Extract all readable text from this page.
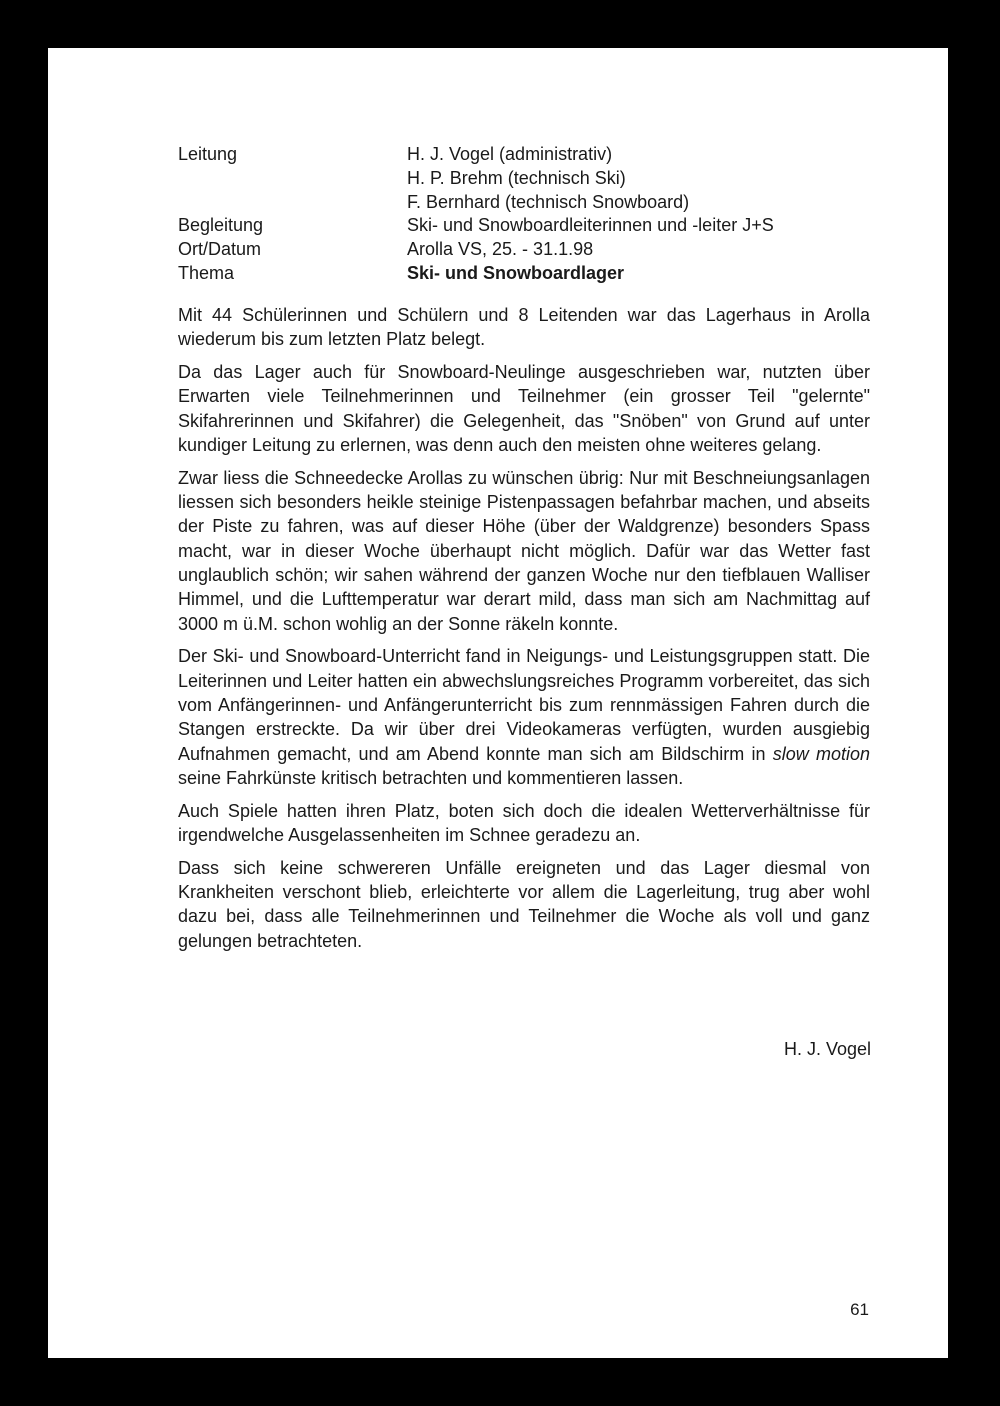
Leitung	H. J. Vogel (administrativ)
H. P. Brehm (technisch Ski)
F. Bernhard (technisch Snowboard)
Begleitung	Ski- und Snowboardleiterinnen und -leiter J+S
Ort/Datum	Arolla VS, 25. - 31.1.98
Thema	Ski- und Snowboardlager

Mit 44 Schülerinnen und Schülern und 8 Leitenden war das Lagerhaus in Arolla wiederum bis zum letzten Platz belegt.

Da das Lager auch für Snowboard-Neulinge ausgeschrieben war, nutzten über Erwarten viele Teilnehmerinnen und Teilnehmer (ein grosser Teil "gelernte" Skifahrerinnen und Skifahrer) die Gelegenheit, das "Snöben" von Grund auf unter kundiger Leitung zu erlernen, was denn auch den meisten ohne weiteres gelang.

Zwar liess die Schneedecke Arollas zu wünschen übrig: Nur mit Beschneiungsanlagen liessen sich besonders heikle steinige Pistenpassagen befahrbar machen, und abseits der Piste zu fahren, was auf dieser Höhe (über der Waldgrenze) besonders Spass macht, war in dieser Woche überhaupt nicht möglich. Dafür war das Wetter fast unglaublich schön; wir sahen während der ganzen Woche nur den tiefblauen Walliser Himmel, und die Lufttemperatur war derart mild, dass man sich am Nachmittag auf 3000 m ü.M. schon wohlig an der Sonne räkeln konnte.

Der Ski- und Snowboard-Unterricht fand in Neigungs- und Leistungsgruppen statt. Die Leiterinnen und Leiter hatten ein abwechslungsreiches Programm vorbereitet, das sich vom Anfängerinnen- und Anfängerunterricht bis zum rennmässigen Fahren durch die Stangen erstreckte. Da wir über drei Videokameras verfügten, wurden ausgiebig Aufnahmen gemacht, und am Abend konnte man sich am Bildschirm in slow motion seine Fahrkünste kritisch betrachten und kommentieren lassen.

Auch Spiele hatten ihren Platz, boten sich doch die idealen Wetterverhältnisse für irgendwelche Ausgelassenheiten im Schnee geradezu an.

Dass sich keine schwereren Unfälle ereigneten und das Lager diesmal von Krankheiten verschont blieb, erleichterte vor allem die Lagerleitung, trug aber wohl dazu bei, dass alle Teilnehmerinnen und Teilnehmer die Woche als voll und ganz gelungen betrachteten.

H. J. Vogel
61
